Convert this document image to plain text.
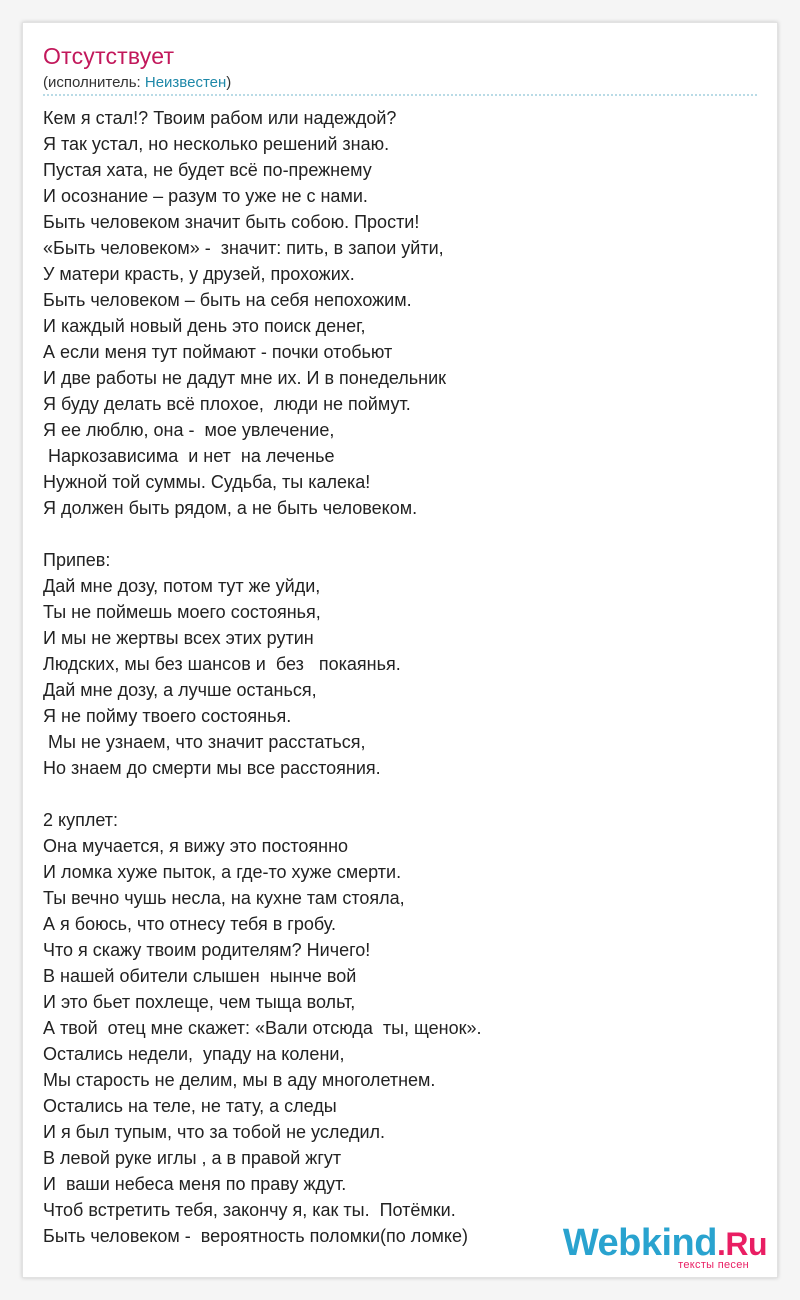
Отсутствует
(исполнитель: Неизвестен)
Кем я стал!? Твоим рабом или надеждой?
Я так устал, но несколько решений знаю.
Пустая хата, не будет всё по-прежнему
И осознание – разум то уже не с нами.
Быть человеком значит быть собою. Прости!
«Быть человеком» -  значит: пить, в запои уйти,
У матери красть, у друзей, прохожих.
Быть человеком – быть на себя непохожим.
И каждый новый день это поиск денег,
А если меня тут поймают - почки отобьют
И две работы не дадут мне их. И в понедельник
Я буду делать всё плохое,  люди не поймут.
Я ее люблю, она -  мое увлечение,
Наркозависима  и нет  на леченье
Нужной той суммы. Судьба, ты калека!
Я должен быть рядом, а не быть человеком.
Припев:
Дай мне дозу, потом тут же уйди,
Ты не поймешь моего состоянья,
И мы не жертвы всех этих рутин
Людских, мы без шансов и  без   покаянья.
Дай мне дозу, а лучше останься,
Я не пойму твоего состоянья.
Мы не узнаем, что значит расстаться,
Но знаем до смерти мы все расстояния.
2 куплет:
Она мучается, я вижу это постоянно
И ломка хуже пыток, а где-то хуже смерти.
Ты вечно чушь несла, на кухне там стояла,
А я боюсь, что отнесу тебя в гробу.
Что я скажу твоим родителям? Ничего!
В нашей обители слышен  нынче вой
И это бьет похлеще, чем тыща вольт,
А твой  отец мне скажет: «Вали отсюда  ты, щенок».
Остались недели,  упаду на колени,
Мы старость не делим, мы в аду многолетнем.
Остались на теле, не тату, а следы
И я был тупым, что за тобой не уследил.
В левой руке иглы , а в правой жгут
И  ваши небеса меня по праву ждут.
Чтоб встретить тебя, закончу я, как ты.  Потёмки.
Быть человеком -  вероятность поломки(по ломке)	Webkind.Ru
тексты песен
